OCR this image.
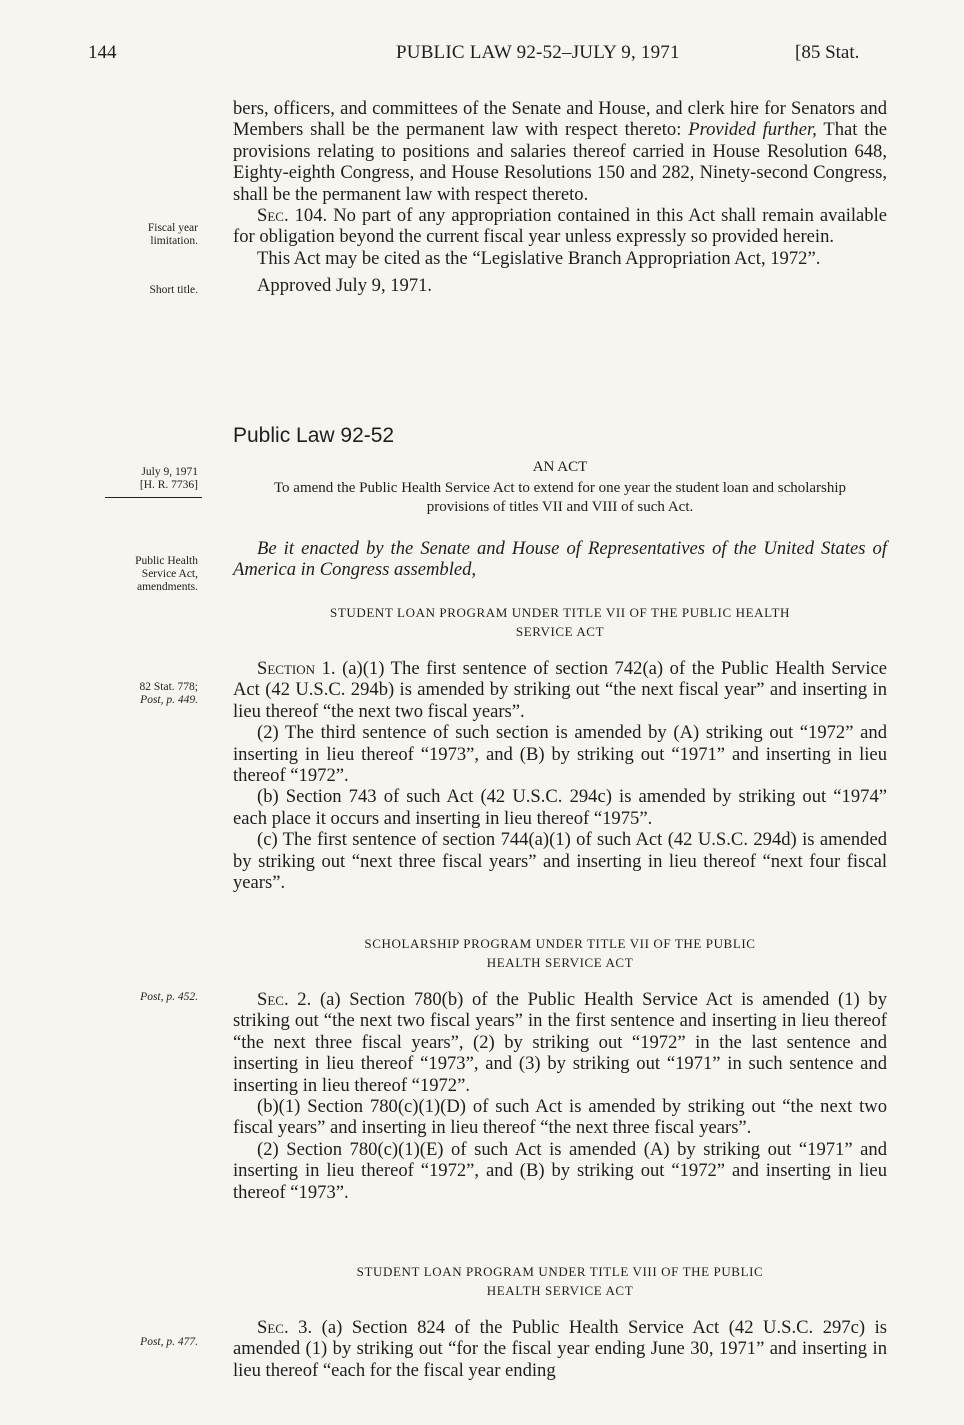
144	PUBLIC LAW 92-52–JULY 9, 1971	[85 Stat.
Fiscal year
limitation.
Short title.
July 9, 1971
[H. R. 7736]
Public Health
Service Act,
amendments.
82 Stat. 778;
Post, p. 449.
Post, p. 452.
Post, p. 477.

bers, officers, and committees of the Senate and House, and clerk hire for Senators and Members shall be the permanent law with respect thereto: Provided further, That the provisions relating to positions and salaries thereof carried in House Resolution 648, Eighty-eighth Congress, and House Resolutions 150 and 282, Ninety-second Congress, shall be the permanent law with respect thereto.

Sec. 104. No part of any appropriation contained in this Act shall remain available for obligation beyond the current fiscal year unless expressly so provided herein.

This Act may be cited as the “Legislative Branch Appropriation Act, 1972”.

Approved July 9, 1971.

Public Law 92-52
AN ACT
To amend the Public Health Service Act to extend for one year the student loan and scholarship provisions of titles VII and VIII of such Act.

Be it enacted by the Senate and House of Representatives of the United States of America in Congress assembled,

STUDENT LOAN PROGRAM UNDER TITLE VII OF THE PUBLIC HEALTH
SERVICE ACT

Section 1. (a)(1) The first sentence of section 742(a) of the Public Health Service Act (42 U.S.C. 294b) is amended by striking out “the next fiscal year” and inserting in lieu thereof “the next two fiscal years”.

(2) The third sentence of such section is amended by (A) striking out “1972” and inserting in lieu thereof “1973”, and (B) by striking out “1971” and inserting in lieu thereof “1972”.

(b) Section 743 of such Act (42 U.S.C. 294c) is amended by striking out “1974” each place it occurs and inserting in lieu thereof “1975”.

(c) The first sentence of section 744(a)(1) of such Act (42 U.S.C. 294d) is amended by striking out “next three fiscal years” and inserting in lieu thereof “next four fiscal years”.

SCHOLARSHIP PROGRAM UNDER TITLE VII OF THE PUBLIC
HEALTH SERVICE ACT

Sec. 2. (a) Section 780(b) of the Public Health Service Act is amended (1) by striking out “the next two fiscal years” in the first sentence and inserting in lieu thereof “the next three fiscal years”, (2) by striking out “1972” in the last sentence and inserting in lieu thereof “1973”, and (3) by striking out “1971” in such sentence and inserting in lieu thereof “1972”.

(b)(1) Section 780(c)(1)(D) of such Act is amended by striking out “the next two fiscal years” and inserting in lieu thereof “the next three fiscal years”.

(2) Section 780(c)(1)(E) of such Act is amended (A) by striking out “1971” and inserting in lieu thereof “1972”, and (B) by striking out “1972” and inserting in lieu thereof “1973”.

STUDENT LOAN PROGRAM UNDER TITLE VIII OF THE PUBLIC
HEALTH SERVICE ACT

Sec. 3. (a) Section 824 of the Public Health Service Act (42 U.S.C. 297c) is amended (1) by striking out “for the fiscal year ending June 30, 1971” and inserting in lieu thereof “each for the fiscal year ending
